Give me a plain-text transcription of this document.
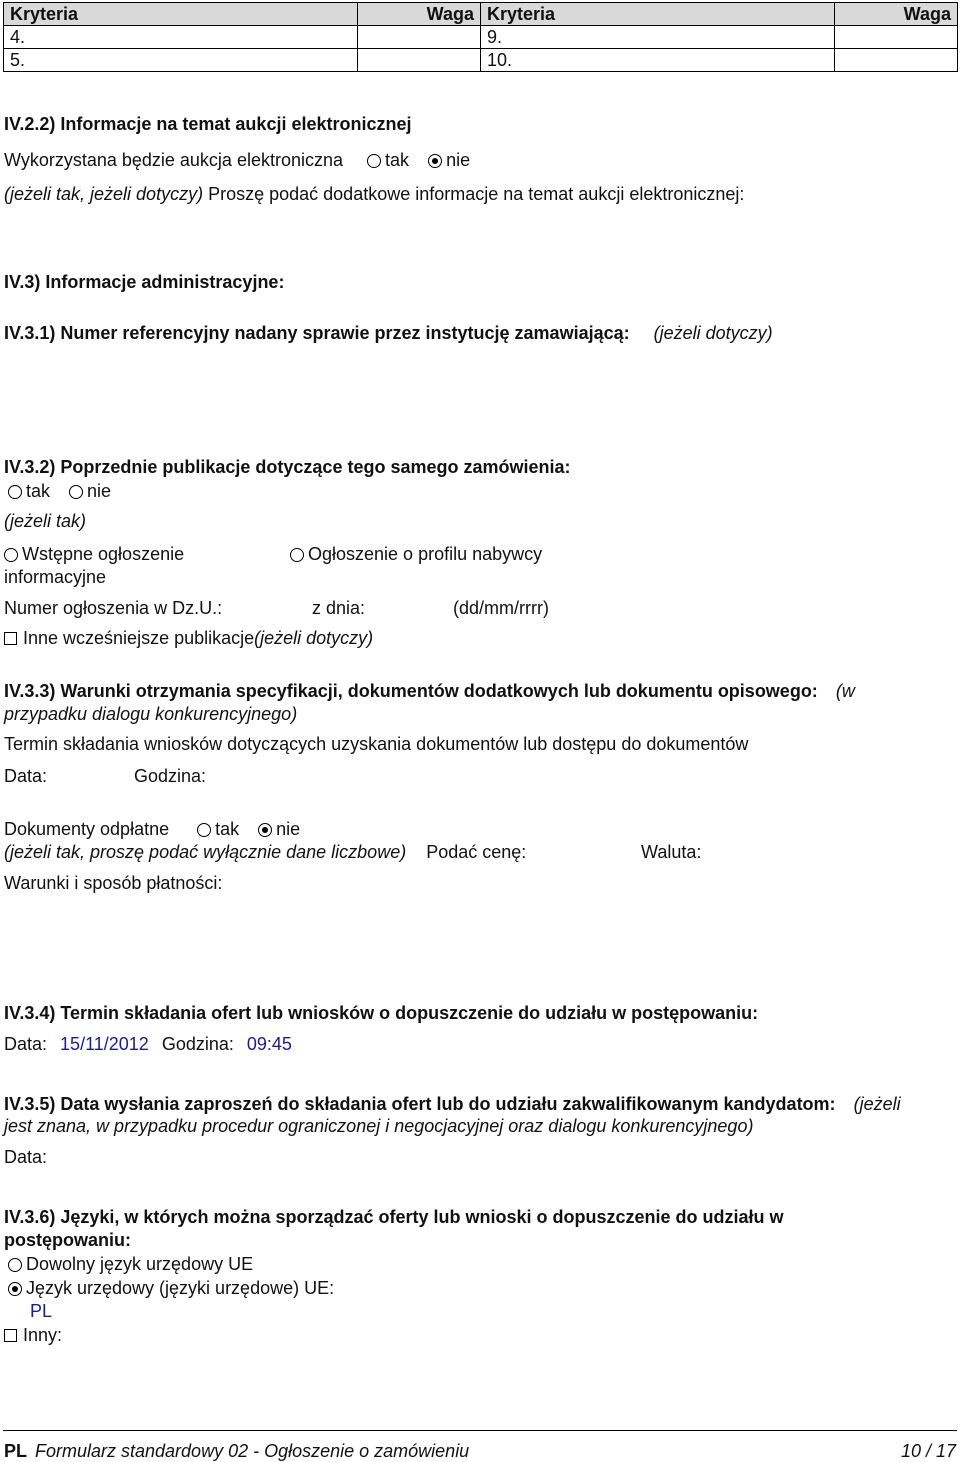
Kryteria	Waga	Kryteria	Waga
4.		9.	
5.		10.	
IV.2.2) Informacje na temat aukcji elektronicznej
Wykorzystana będzie aukcja elektroniczna tak nie
(jeżeli tak, jeżeli dotyczy) Proszę podać dodatkowe informacje na temat aukcji elektronicznej:
IV.3) Informacje administracyjne:
IV.3.1) Numer referencyjny nadany sprawie przez instytucję zamawiającą: (jeżeli dotyczy)
IV.3.2) Poprzednie publikacje dotyczące tego samego zamówienia:
tak nie
(jeżeli tak)
Wstępne ogłoszenie
informacyjne
Ogłoszenie o profilu nabywcy
Numer ogłoszenia w Dz.U.:	z dnia:	(dd/mm/rrrr)
Inne wcześniejsze publikacje(jeżeli dotyczy)
IV.3.3) Warunki otrzymania specyfikacji, dokumentów dodatkowych lub dokumentu opisowego: (w
przypadku dialogu konkurencyjnego)
Termin składania wniosków dotyczących uzyskania dokumentów lub dostępu do dokumentów
Data:	Godzina:
Dokumenty odpłatne	tak nie
(jeżeli tak, proszę podać wyłącznie dane liczbowe) Podać cenę:	Waluta:
Warunki i sposób płatności:
IV.3.4) Termin składania ofert lub wniosków o dopuszczenie do udziału w postępowaniu:
Data: 15/11/2012 Godzina: 09:45
IV.3.5) Data wysłania zaproszeń do składania ofert lub do udziału zakwalifikowanym kandydatom: (jeżeli
jest znana, w przypadku procedur ograniczonej i negocjacyjnej oraz dialogu konkurencyjnego)
Data:
IV.3.6) Języki, w których można sporządzać oferty lub wnioski o dopuszczenie do udziału w
postępowaniu:
Dowolny język urzędowy UE
Język urzędowy (języki urzędowe) UE:
PL
Inny:
PL Formularz standardowy 02 - Ogłoszenie o zamówieniu	10 / 17
